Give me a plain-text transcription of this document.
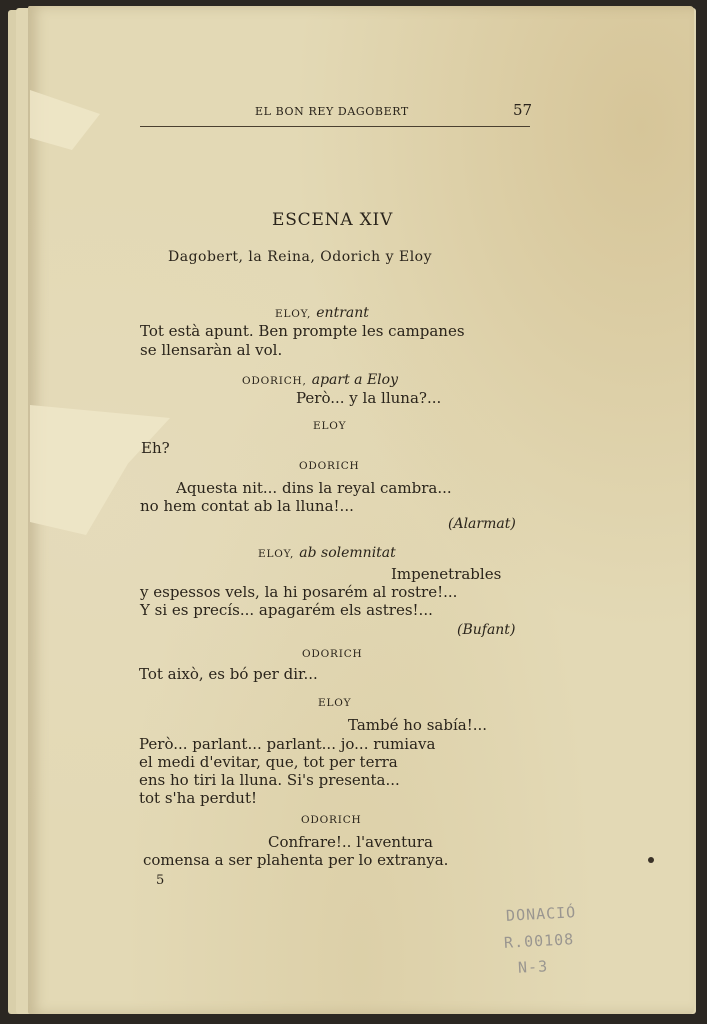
EL BON REY DAGOBERT	57
ESCENA XIV
Dagobert, la Reina, Odorich y Eloy
ELOY, entrant
Tot està apunt. Ben prompte les campanes
se llensaràn al vol.
ODORICH, apart a Eloy
Però... y la lluna?...
ELOY
Eh?
ODORICH
Aquesta nit... dins la reyal cambra...
no hem contat ab la lluna!...
(Alarmat)
ELOY, ab solemnitat
Impenetrables
y espessos vels, la hi posarém al rostre!...
Y si es precís... apagarém els astres!...
(Bufant)
ODORICH
Tot això, es bó per dir...
ELOY
També ho sabía!...
Però... parlant... parlant... jo... rumiava
el medi d'evitar, que, tot per terra
ens ho tiri la lluna. Si's presenta...
tot s'ha perdut!
ODORICH
Confrare!.. l'aventura
comensa a ser plahenta per lo extranya.
5
DONACIÓ
R.00108
N-3
